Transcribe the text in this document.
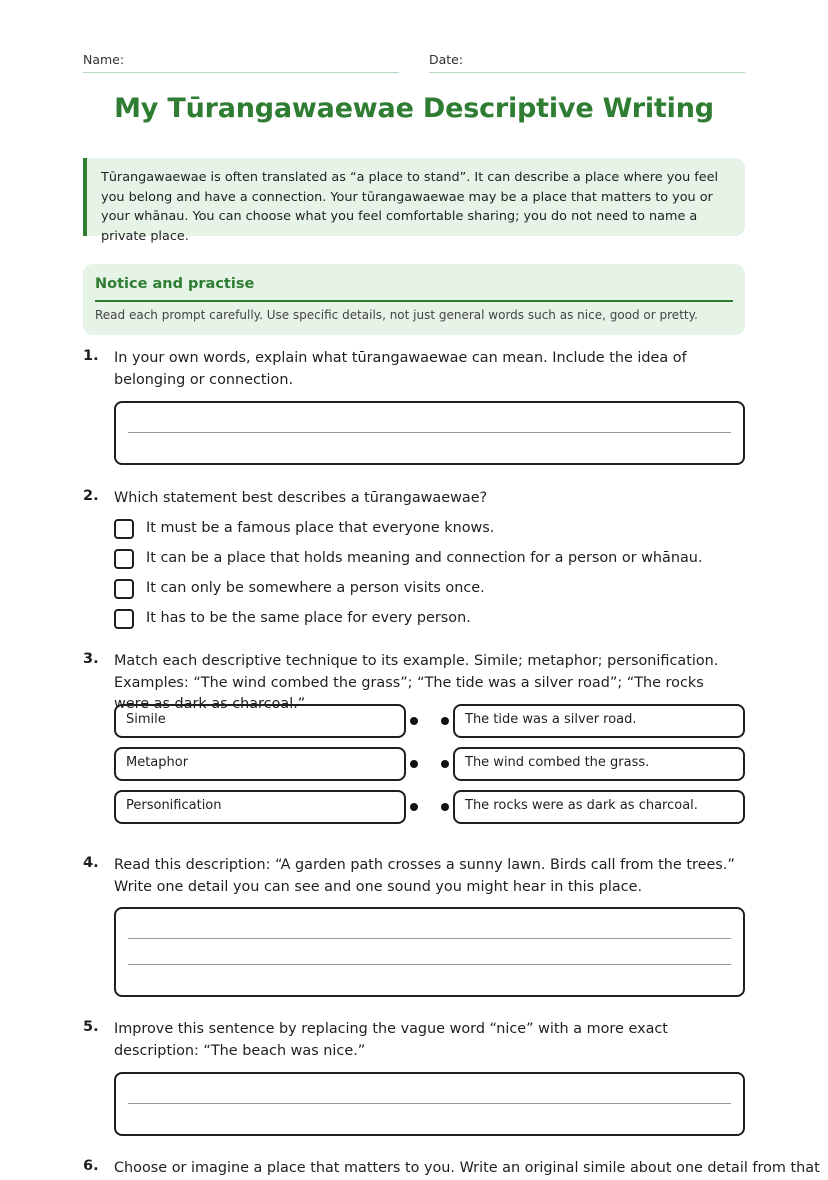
Name:	Date:
My Tūrangawaewae Descriptive Writing
Tūrangawaewae is often translated as “a place to stand”. It can describe a place where you feel you belong and have a connection. Your tūrangawaewae may be a place that matters to you or your whānau. You can choose what you feel comfortable sharing; you do not need to name a private place.
Notice and practise
Read each prompt carefully. Use specific details, not just general words such as nice, good or pretty.
1. In your own words, explain what tūrangawaewae can mean. Include the idea of belonging or connection.
2. Which statement best describes a tūrangawaewae?
It must be a famous place that everyone knows.
It can be a place that holds meaning and connection for a person or whānau.
It can only be somewhere a person visits once.
It has to be the same place for every person.
3. Match each descriptive technique to its example. Simile; metaphor; personification. Examples: “The wind combed the grass”; “The tide was a silver road”; “The rocks were as dark as charcoal.”
Simile	The tide was a silver road.
Metaphor	The wind combed the grass.
Personification	The rocks were as dark as charcoal.
4. Read this description: “A garden path crosses a sunny lawn. Birds call from the trees.” Write one detail you can see and one sound you might hear in this place.
5. Improve this sentence by replacing the vague word “nice” with a more exact description: “The beach was nice.”
6. Choose or imagine a place that matters to you. Write an original simile about one detail from that
